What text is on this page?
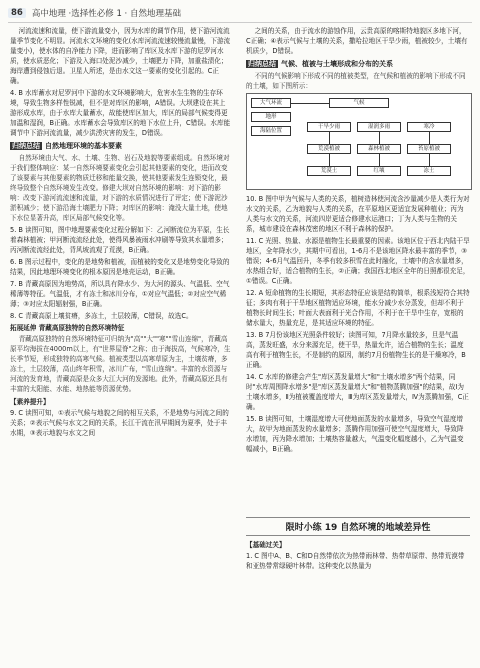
86	高中地理 ·选择性必修 1 · 自然地理基础

河流流速和流量，使下游流量变小，因为水库的调节作用，使下游河流流量季节变化不明显。河流水文环境的变化(水库河流流速较慢流量慢，下游流量变小)，使水体的自净能力下降，进而影响了库区及水库下游的尼罗河水质，使水质恶化；下游及入海口处泥沙减少，土壤肥力下降，加重盐渍化；海岸遭到侵蚀后退。卫星人所述，是由水文这一要素的变化引起的。C正确。

4. B 水库蓄水对尼罗河中下游的水文环境影响大，危害水生生物的生存环境，导致生物多样性锐减，但不是对库区的影响，A错误。大坝建设在其上游形成水库，由于水库大量蓄水，故能使库区加大，库区的局部气候变得更加温和湿润，B正确。水库蓄水会导致库区的地下水位上升，C错误。水库能调节中下游河流流量，减少洪涝灾害的发生，D错误。

归纳总结 自然地理环境的基本要素

自然环境由大气、水、土壤、生物、岩石及地貌等要素组成。自然环境对于我们整体响应：某一自然环境要素变化会引起其他要素的变化，进而改变了该要素与其他要素的物质迁移和能量交换，使其他要素发生连锁变化，最终导致整个自然环境发生改变。修建大坝对自然环境的影响：对下游的影响：改变下游河流流速和流量，对下游的水质情况进行了评定；使下游泥沙淤积减少；使下游沿海土壤肥力下降；对库区的影响：淹没大量土地，使地下水位显著升高，库区局部气候变化等。

5. B 读图可知，图中地理要素变化过程分解如下：乙河断流位为平原，生长着森林植被；甲河断流流经此处，使得风暴被雨水冲刷等导致其水量增多；丙河断流流经此处，背风坡流观了荒漠，B正确。

6. B 图示过程中，变化的是地势和植被，而植被的变化又是地势变化导致的结果，因此地理环境变化的根本原因是地壳运动，B正确。

7. B 青藏高原因为地势高，所以具有降水少、为大河的源头、气温低、空气稀薄等特征。气温低，才有冻土和冰川分布，①对应气温低；②对应空气稀薄；③对应太阳辐射强，B正确。

8. C 青藏高原上壤贫瘠，多冻土，土层较薄，C错误，故选C。

拓展延伸 青藏高原独特的自然环境特征

青藏高原独特的自然环境特征可归纳为"高""大""寒""雪山连绵"，青藏高原平均海拔在4000m以上，有"世界屋脊"之称；由于海拔高，气候寒冷，生长季节短，形成独特的高寒气候。植被类型以高寒草原为主，土壤贫瘠，多冻土，土层较薄，高山终年积雪，冰川广布，"雪山连绵"。丰富的水资源与河流的发育地，青藏高原是众多大江大河的发源地。此外，青藏高原还具有丰富的太阳能、水能、地热能等资源优势。

【素养提升】

9. C 读图可知，①表示气候与地貌之间的相互关系，不是地势与河流之间的关系；②表示气候与水文之间的关系，长江干流在汛早期间为夏季，处于丰水期，③表示地貌与水文之间

之间的关系，由于流水的游蚀作用，云贵高原的喀斯特地貌区多地下河，C正确；④表示气候与土壤的关系，撒哈拉地区干旱少雨，植被较少，土壤有机质少，D错误。

归纳总结 气候、植被与土壤形成和分布的关系

不同的气候影响下形成不同的植被类型，在气候和植被的影响下形成不同的土壤，如下图所示：

气候
大气环流
地形
海陆位置
干旱少雨	湿润多雨	寒冷
荒漠植被	森林植被	苔原植被
荒漠土	红壤	冻土

10. B 图中甲为气候与人类的关系，植树造林使河流含沙量减少是人类行为对水文的关系，乙为地貌与人类的关系，在平原地区更适宜发展种植业；丙为人类与水文的关系，河流四岸更适合修建水运港口；丁为人类与生物的关系，城市建设在森林茂密的地区不利于森林的保护。

11. C 光照、热量、水源是植物生长最重要的因素。该地区位于西北内陆干旱地区，全年降水少，其期中可看出，1-6月不是该地区降水最丰富的季节，③错误；4-6月气温回升，冬季有较多积雪在此时融化，土壤中的含水量增多，水热组合好，适合植物的生长，②正确；我国西北地区全年的日照都很充足，①错误。C正确。

12. A 短命植物的生长期短，其形态特征应该是结构简单，根系浅短符合其特征；多肉有利于干旱地区植物适应环境，能水分减少水分蒸发，但却不利于植物长时间生长；叶面大表面利于光合作用，不利于在干旱中生存，宽根的储水量大，热量充足，是其适应环境的特征。

13. B 7月份该地区光照条件较好；读图可知，7月降水量较多，旦是气温高，蒸发旺盛，水分来源充足，使干旱，热量允许，适合植物的生长；温度高有利于植物生长，不是制约的原因，制约7月份植物生长的是干燥寒冷，B正确。

14. C 水库的修建会产生"库区蒸发量增大"和"土壤水增多"两个结果，同时"水库周围降水增多"是"库区蒸发量增大"和"植物蒸腾加强"的结果，故Ⅰ为土壤水增多，Ⅱ为植被覆盖度增大，Ⅲ为库区蒸发量增大，Ⅳ为蒸腾加强，C正确。

15. B 读图可知，土壤湿度增大可使地面蒸发的水量增多，导致空气湿度增大，故甲为地面蒸发的水量增多；蒸腾作用加强可使空气湿度增大，导致降水增加，丙为降水增加；土壤热容量越大，气温变化幅度越小，乙为气温变幅减小，B正确。

限时小练 19 自然环境的地域差异性
【基础过关】

1. C 图中A、B、C和D自然带依次为热带雨林带、热带草原带、热带荒漠带和亚热带常绿硬叶林带。这种变化以热量为
